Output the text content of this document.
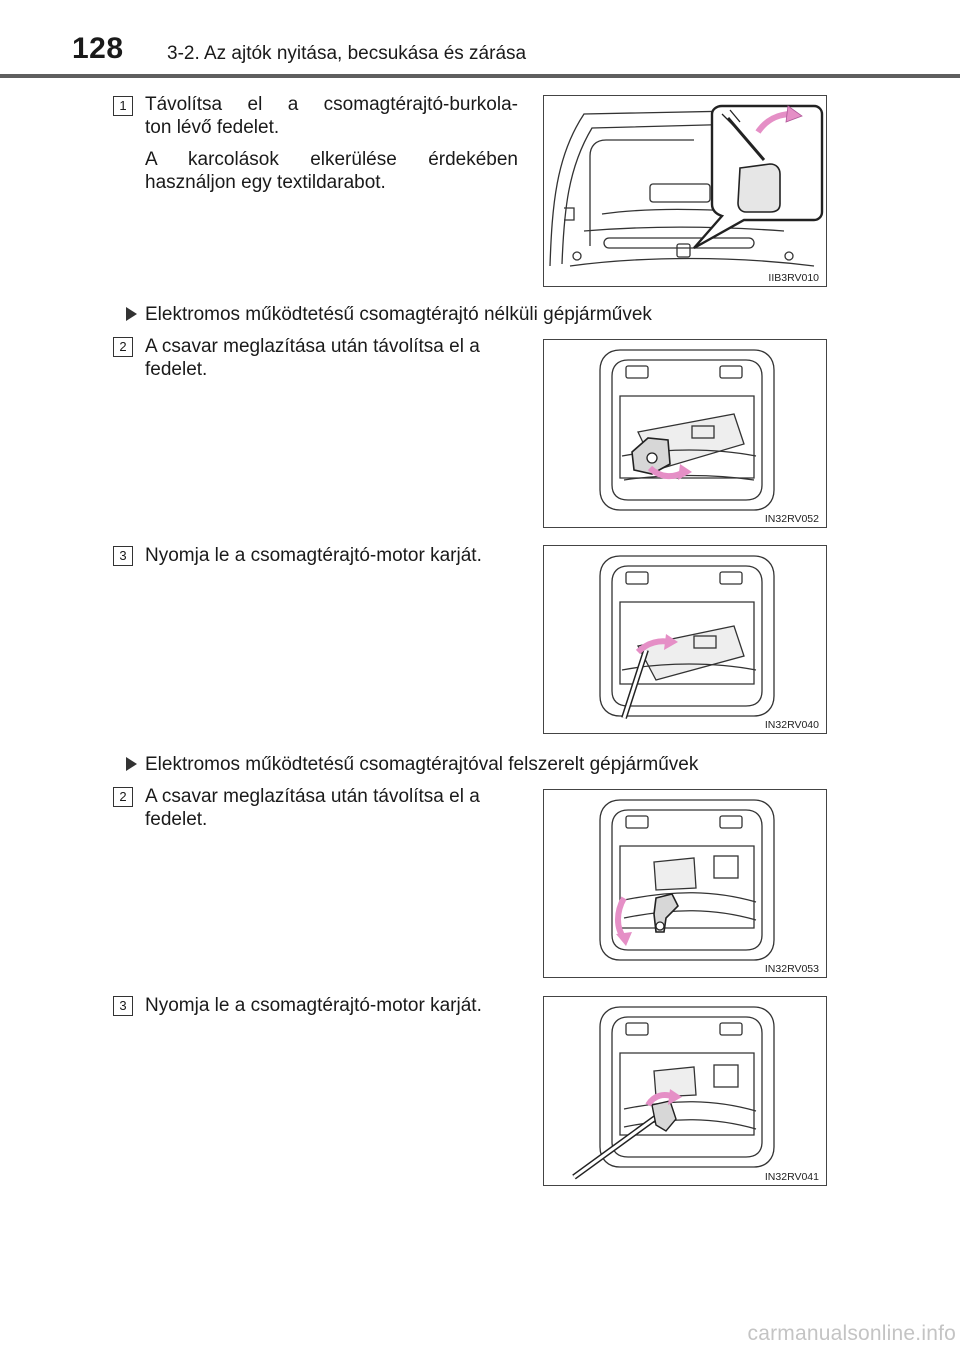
128 3-2. Az ajtók nyitása, becsukása és zárása
1 Távolítsa el a csomagtérajtó-burkola-
ton lévő fedelet.
A karcolások elkerülése érdekében
használjon egy textildarabot.
IIB3RV010
Elektromos működtetésű csomagtérajtó nélküli gépjárművek
2 A csavar meglazítása után távolítsa el a
fedelet.
IN32RV052
3 Nyomja le a csomagtérajtó-motor karját.
IN32RV040
Elektromos működtetésű csomagtérajtóval felszerelt gépjárművek
2 A csavar meglazítása után távolítsa el a
fedelet.
IN32RV053
3 Nyomja le a csomagtérajtó-motor karját.
IN32RV041
carmanualsonline.info
